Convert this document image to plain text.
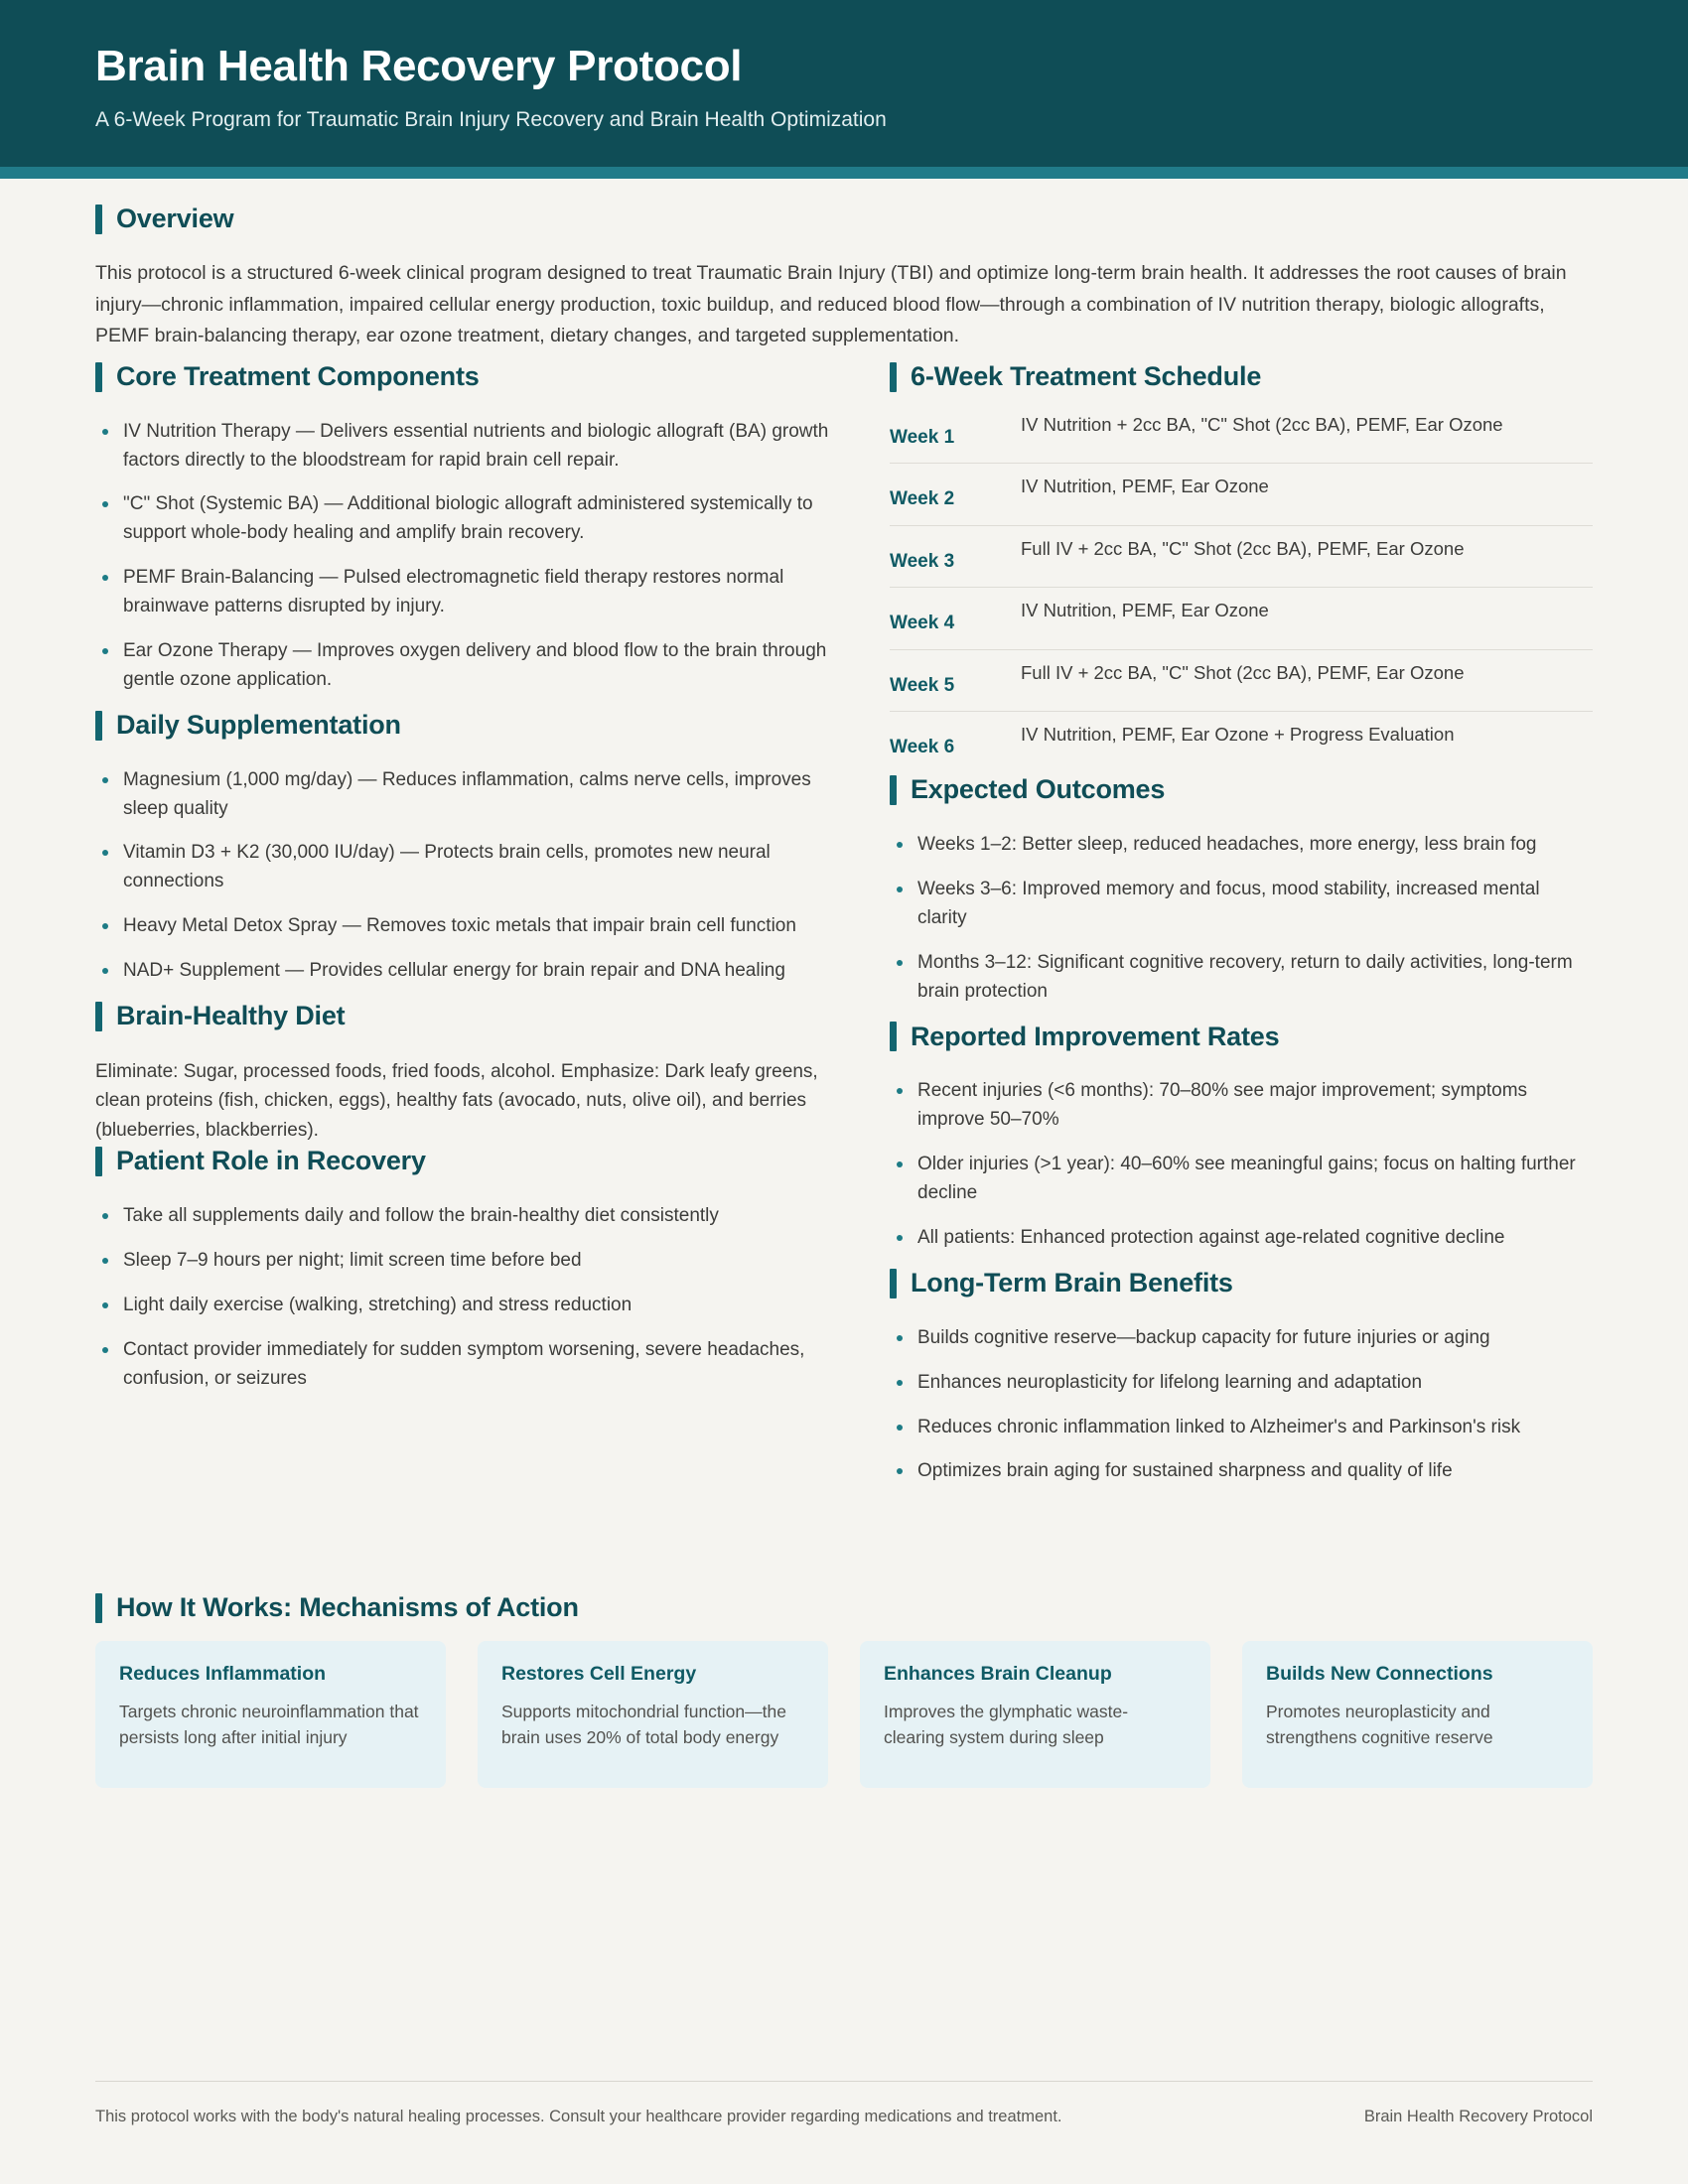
Brain Health Recovery Protocol
A 6-Week Program for Traumatic Brain Injury Recovery and Brain Health Optimization
Overview

This protocol is a structured 6-week clinical program designed to treat Traumatic Brain Injury (TBI) and optimize long-term brain health. It addresses the root causes of brain injury—chronic inflammation, impaired cellular energy production, toxic buildup, and reduced blood flow—through a combination of IV nutrition therapy, biologic allografts, PEMF brain-balancing therapy, ear ozone treatment, dietary changes, and targeted supplementation.

Core Treatment Components
IV Nutrition Therapy — Delivers essential nutrients and biologic allograft (BA) growth factors directly to the bloodstream for rapid brain cell repair.
"C" Shot (Systemic BA) — Additional biologic allograft administered systemically to support whole-body healing and amplify brain recovery.
PEMF Brain-Balancing — Pulsed electromagnetic field therapy restores normal brainwave patterns disrupted by injury.
Ear Ozone Therapy — Improves oxygen delivery and blood flow to the brain through gentle ozone application.
Daily Supplementation
Magnesium (1,000 mg/day) — Reduces inflammation, calms nerve cells, improves sleep quality
Vitamin D3 + K2 (30,000 IU/day) — Protects brain cells, promotes new neural connections
Heavy Metal Detox Spray — Removes toxic metals that impair brain cell function
NAD+ Supplement — Provides cellular energy for brain repair and DNA healing
Brain-Healthy Diet

Eliminate: Sugar, processed foods, fried foods, alcohol. Emphasize: Dark leafy greens, clean proteins (fish, chicken, eggs), healthy fats (avocado, nuts, olive oil), and berries (blueberries, blackberries).

Patient Role in Recovery
Take all supplements daily and follow the brain-healthy diet consistently
Sleep 7–9 hours per night; limit screen time before bed
Light daily exercise (walking, stretching) and stress reduction
Contact provider immediately for sudden symptom worsening, severe headaches, confusion, or seizures
6-Week Treatment Schedule
Week 1
IV Nutrition + 2cc BA, "C" Shot (2cc BA), PEMF, Ear Ozone
Week 2
IV Nutrition, PEMF, Ear Ozone
Week 3
Full IV + 2cc BA, "C" Shot (2cc BA), PEMF, Ear Ozone
Week 4
IV Nutrition, PEMF, Ear Ozone
Week 5
Full IV + 2cc BA, "C" Shot (2cc BA), PEMF, Ear Ozone
Week 6
IV Nutrition, PEMF, Ear Ozone + Progress Evaluation
Expected Outcomes
Weeks 1–2: Better sleep, reduced headaches, more energy, less brain fog
Weeks 3–6: Improved memory and focus, mood stability, increased mental clarity
Months 3–12: Significant cognitive recovery, return to daily activities, long-term brain protection
Reported Improvement Rates
Recent injuries (<6 months): 70–80% see major improvement; symptoms improve 50–70%
Older injuries (>1 year): 40–60% see meaningful gains; focus on halting further decline
All patients: Enhanced protection against age-related cognitive decline
Long-Term Brain Benefits
Builds cognitive reserve—backup capacity for future injuries or aging
Enhances neuroplasticity for lifelong learning and adaptation
Reduces chronic inflammation linked to Alzheimer's and Parkinson's risk
Optimizes brain aging for sustained sharpness and quality of life
How It Works: Mechanisms of Action
Reduces Inflammation

Targets chronic neuroinflammation that persists long after initial injury

Restores Cell Energy

Supports mitochondrial function—the brain uses 20% of total body energy

Enhances Brain Cleanup

Improves the glymphatic waste-clearing system during sleep

Builds New Connections

Promotes neuroplasticity and strengthens cognitive reserve

This protocol works with the body's natural healing processes. Consult your healthcare provider regarding medications and treatment.	Brain Health Recovery Protocol
